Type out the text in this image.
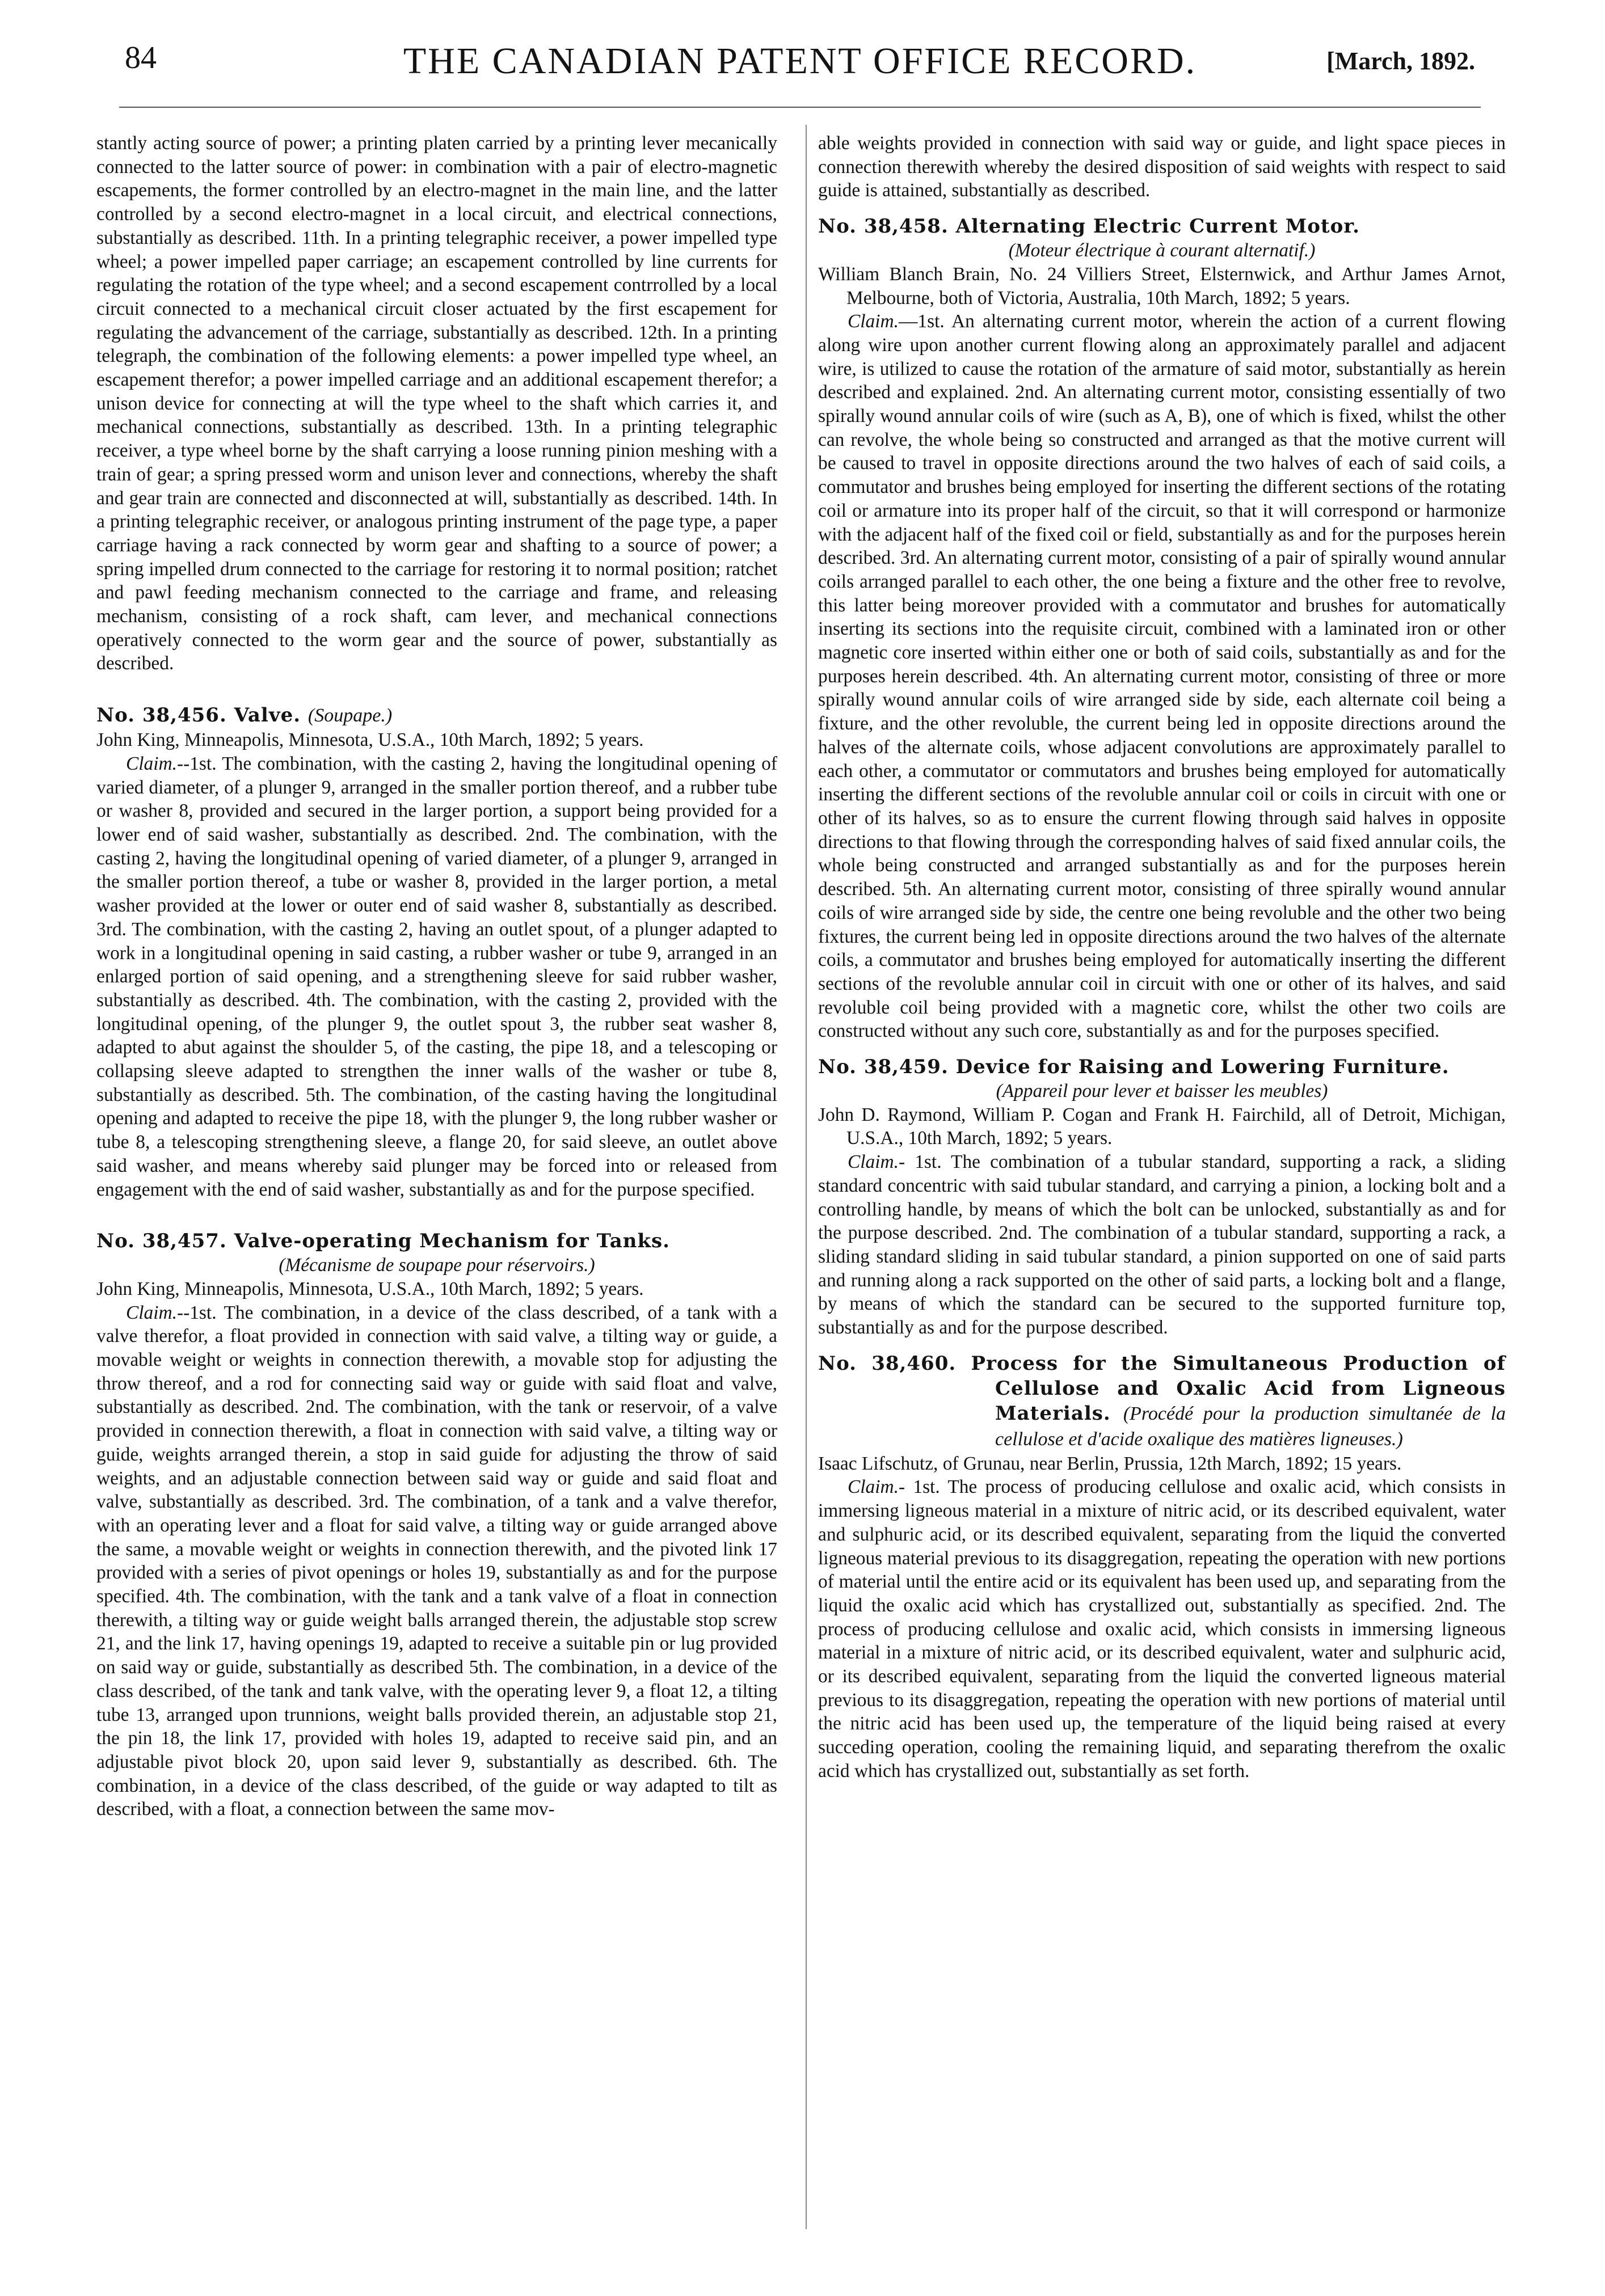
84	THE CANADIAN PATENT OFFICE RECORD.	[March, 1892.

stantly acting source of power; a printing platen carried by a printing lever mecanically connected to the latter source of power: in combination with a pair of electro-magnetic escapements, the former controlled by an electro-magnet in the main line, and the latter controlled by a second electro-magnet in a local circuit, and electrical connections, substantially as described. 11th. In a printing telegraphic receiver, a power impelled type wheel; a power impelled paper carriage; an escapement controlled by line currents for regulating the rotation of the type wheel; and a second escapement contrrolled by a local circuit connected to a mechanical circuit closer actuated by the first escapement for regulating the advancement of the carriage, substantially as described. 12th. In a printing telegraph, the combination of the following elements: a power impelled type wheel, an escapement therefor; a power impelled carriage and an additional escapement therefor; a unison device for connecting at will the type wheel to the shaft which carries it, and mechanical connections, substantially as described. 13th. In a printing telegraphic receiver, a type wheel borne by the shaft carrying a loose running pinion meshing with a train of gear; a spring pressed worm and unison lever and connections, whereby the shaft and gear train are connected and disconnected at will, substantially as described. 14th. In a printing telegraphic receiver, or analogous printing instrument of the page type, a paper carriage having a rack connected by worm gear and shafting to a source of power; a spring impelled drum connected to the carriage for restoring it to normal position; ratchet and pawl feeding mechanism connected to the carriage and frame, and releasing mechanism, consisting of a rock shaft, cam lever, and mechanical connections operatively connected to the worm gear and the source of power, substantially as described.

No. 38,456. Valve. (Soupape.)

John King, Minneapolis, Minnesota, U.S.A., 10th March, 1892; 5 years.

Claim.--1st. The combination, with the casting 2, having the longitudinal opening of varied diameter, of a plunger 9, arranged in the smaller portion thereof, and a rubber tube or washer 8, provided and secured in the larger portion, a support being provided for a lower end of said washer, substantially as described. 2nd. The combination, with the casting 2, having the longitudinal opening of varied diameter, of a plunger 9, arranged in the smaller portion thereof, a tube or washer 8, provided in the larger portion, a metal washer provided at the lower or outer end of said washer 8, substantially as described. 3rd. The combination, with the casting 2, having an outlet spout, of a plunger adapted to work in a longitudinal opening in said casting, a rubber washer or tube 9, arranged in an enlarged portion of said opening, and a strengthening sleeve for said rubber washer, substantially as described. 4th. The combination, with the casting 2, provided with the longitudinal opening, of the plunger 9, the outlet spout 3, the rubber seat washer 8, adapted to abut against the shoulder 5, of the casting, the pipe 18, and a telescoping or collapsing sleeve adapted to strengthen the inner walls of the washer or tube 8, substantially as described. 5th. The combination, of the casting having the longitudinal opening and adapted to receive the pipe 18, with the plunger 9, the long rubber washer or tube 8, a telescoping strengthening sleeve, a flange 20, for said sleeve, an outlet above said washer, and means whereby said plunger may be forced into or released from engagement with the end of said washer, substantially as and for the purpose specified.

No. 38,457. Valve-operating Mechanism for Tanks.

(Mécanisme de soupape pour réservoirs.)

John King, Minneapolis, Minnesota, U.S.A., 10th March, 1892; 5 years.

Claim.--1st. The combination, in a device of the class described, of a tank with a valve therefor, a float provided in connection with said valve, a tilting way or guide, a movable weight or weights in connection therewith, a movable stop for adjusting the throw thereof, and a rod for connecting said way or guide with said float and valve, substantially as described. 2nd. The combination, with the tank or reservoir, of a valve provided in connection therewith, a float in connection with said valve, a tilting way or guide, weights arranged therein, a stop in said guide for adjusting the throw of said weights, and an adjustable connection between said way or guide and said float and valve, substantially as described. 3rd. The combination, of a tank and a valve therefor, with an operating lever and a float for said valve, a tilting way or guide arranged above the same, a movable weight or weights in connection therewith, and the pivoted link 17 provided with a series of pivot openings or holes 19, substantially as and for the purpose specified. 4th. The combination, with the tank and a tank valve of a float in connection therewith, a tilting way or guide weight balls arranged therein, the adjustable stop screw 21, and the link 17, having openings 19, adapted to receive a suitable pin or lug provided on said way or guide, substantially as described 5th. The combination, in a device of the class described, of the tank and tank valve, with the operating lever 9, a float 12, a tilting tube 13, arranged upon trunnions, weight balls provided therein, an adjustable stop 21, the pin 18, the link 17, provided with holes 19, adapted to receive said pin, and an adjustable pivot block 20, upon said lever 9, substantially as described. 6th. The combination, in a device of the class described, of the guide or way adapted to tilt as described, with a float, a connection between the same mov-

able weights provided in connection with said way or guide, and light space pieces in connection therewith whereby the desired disposition of said weights with respect to said guide is attained, substantially as described.

No. 38,458. Alternating Electric Current Motor.

(Moteur électrique à courant alternatif.)

William Blanch Brain, No. 24 Villiers Street, Elsternwick, and Arthur James Arnot, Melbourne, both of Victoria, Australia, 10th March, 1892; 5 years.

Claim.—1st. An alternating current motor, wherein the action of a current flowing along wire upon another current flowing along an approximately parallel and adjacent wire, is utilized to cause the rotation of the armature of said motor, substantially as herein described and explained. 2nd. An alternating current motor, consisting essentially of two spirally wound annular coils of wire (such as A, B), one of which is fixed, whilst the other can revolve, the whole being so constructed and arranged as that the motive current will be caused to travel in opposite directions around the two halves of each of said coils, a commutator and brushes being employed for inserting the different sections of the rotating coil or armature into its proper half of the circuit, so that it will correspond or harmonize with the adjacent half of the fixed coil or field, substantially as and for the purposes herein described. 3rd. An alternating current motor, consisting of a pair of spirally wound annular coils arranged parallel to each other, the one being a fixture and the other free to revolve, this latter being moreover provided with a commutator and brushes for automatically inserting its sections into the requisite circuit, combined with a laminated iron or other magnetic core inserted within either one or both of said coils, substantially as and for the purposes herein described. 4th. An alternating current motor, consisting of three or more spirally wound annular coils of wire arranged side by side, each alternate coil being a fixture, and the other revoluble, the current being led in opposite directions around the halves of the alternate coils, whose adjacent convolutions are approximately parallel to each other, a commutator or commutators and brushes being employed for automatically inserting the different sections of the revoluble annular coil or coils in circuit with one or other of its halves, so as to ensure the current flowing through said halves in opposite directions to that flowing through the corresponding halves of said fixed annular coils, the whole being constructed and arranged substantially as and for the purposes herein described. 5th. An alternating current motor, consisting of three spirally wound annular coils of wire arranged side by side, the centre one being revoluble and the other two being fixtures, the current being led in opposite directions around the two halves of the alternate coils, a commutator and brushes being employed for automatically inserting the different sections of the revoluble annular coil in circuit with one or other of its halves, and said revoluble coil being provided with a magnetic core, whilst the other two coils are constructed without any such core, substantially as and for the purposes specified.

No. 38,459. Device for Raising and Lowering Furniture.

(Appareil pour lever et baisser les meubles)

John D. Raymond, William P. Cogan and Frank H. Fairchild, all of Detroit, Michigan, U.S.A., 10th March, 1892; 5 years.

Claim.- 1st. The combination of a tubular standard, supporting a rack, a sliding standard concentric with said tubular standard, and carrying a pinion, a locking bolt and a controlling handle, by means of which the bolt can be unlocked, substantially as and for the purpose described. 2nd. The combination of a tubular standard, supporting a rack, a sliding standard sliding in said tubular standard, a pinion supported on one of said parts and running along a rack supported on the other of said parts, a locking bolt and a flange, by means of which the standard can be secured to the supported furniture top, substantially as and for the purpose described.

No. 38,460. Process for the Simultaneous Production of Cellulose and Oxalic Acid from Ligneous Materials. (Procédé pour la production simultanée de la cellulose et d'acide oxalique des matières ligneuses.)

Isaac Lifschutz, of Grunau, near Berlin, Prussia, 12th March, 1892; 15 years.

Claim.- 1st. The process of producing cellulose and oxalic acid, which consists in immersing ligneous material in a mixture of nitric acid, or its described equivalent, water and sulphuric acid, or its described equivalent, separating from the liquid the converted ligneous material previous to its disaggregation, repeating the operation with new portions of material until the entire acid or its equivalent has been used up, and separating from the liquid the oxalic acid which has crystallized out, substantially as specified. 2nd. The process of producing cellulose and oxalic acid, which consists in immersing ligneous material in a mixture of nitric acid, or its described equivalent, water and sulphuric acid, or its described equivalent, separating from the liquid the converted ligneous material previous to its disaggregation, repeating the operation with new portions of material until the nitric acid has been used up, the temperature of the liquid being raised at every succeding operation, cooling the remaining liquid, and separating therefrom the oxalic acid which has crystallized out, substantially as set forth.
